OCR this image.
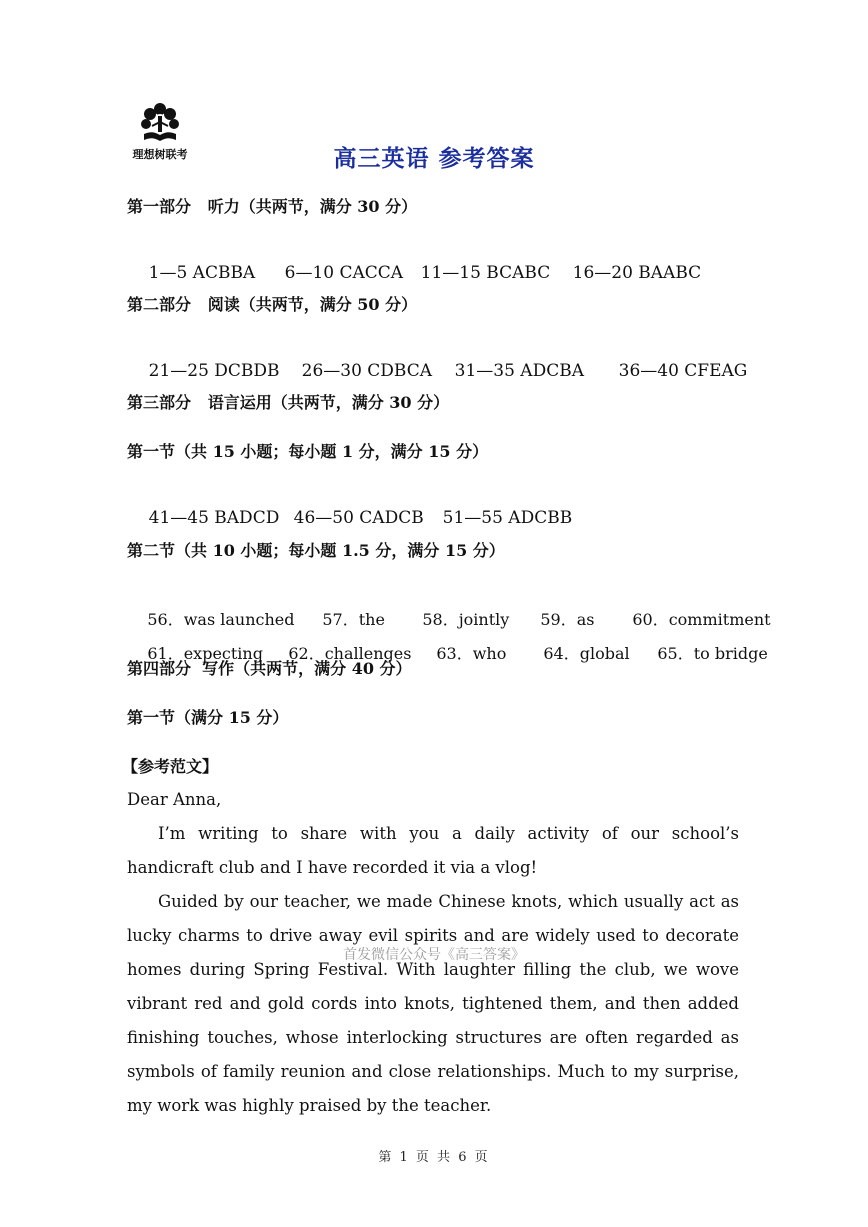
理想树联考	高三英语 参考答案
第一部分   听力（共两节，满分 30 分）

1—5 ACBBA 6—10 CACCA 11—15 BCABC 16—20 BAABC

第二部分   阅读（共两节，满分 50 分）

21—25 DCBDB 26—30 CDBCA 31—35 ADCBA 36—40 CFEAG

第三部分   语言运用（共两节，满分 30 分）
第一节（共 15 小题；每小题 1 分，满分 15 分）

41—45 BADCD 46—50 CADCB 51—55 ADCBB

第二节（共 10 小题；每小题 1.5 分，满分 15 分）

56．was launched 57．the 58．jointly 59．as 60．commitment

61．expecting 62．challenges 63．who 64．global 65．to bridge

第四部分  写作（共两节，满分 40 分）
第一节（满分 15 分）
【参考范文】
Dear Anna,
I’m writing to share with you a daily activity of our school’s handicraft club and I have recorded it via a vlog!
Guided by our teacher, we made Chinese knots, which usually act as lucky charms to drive away evil spirits and are widely used to decorate homes during Spring Festival. With laughter filling the club, we wove vibrant red and gold cords into knots, tightened them, and then added finishing touches, whose interlocking structures are often regarded as symbols of family reunion and close relationships. Much to my surprise, my work was highly praised by the teacher.
首发微信公众号《高三答案》
第 1 页 共 6 页
